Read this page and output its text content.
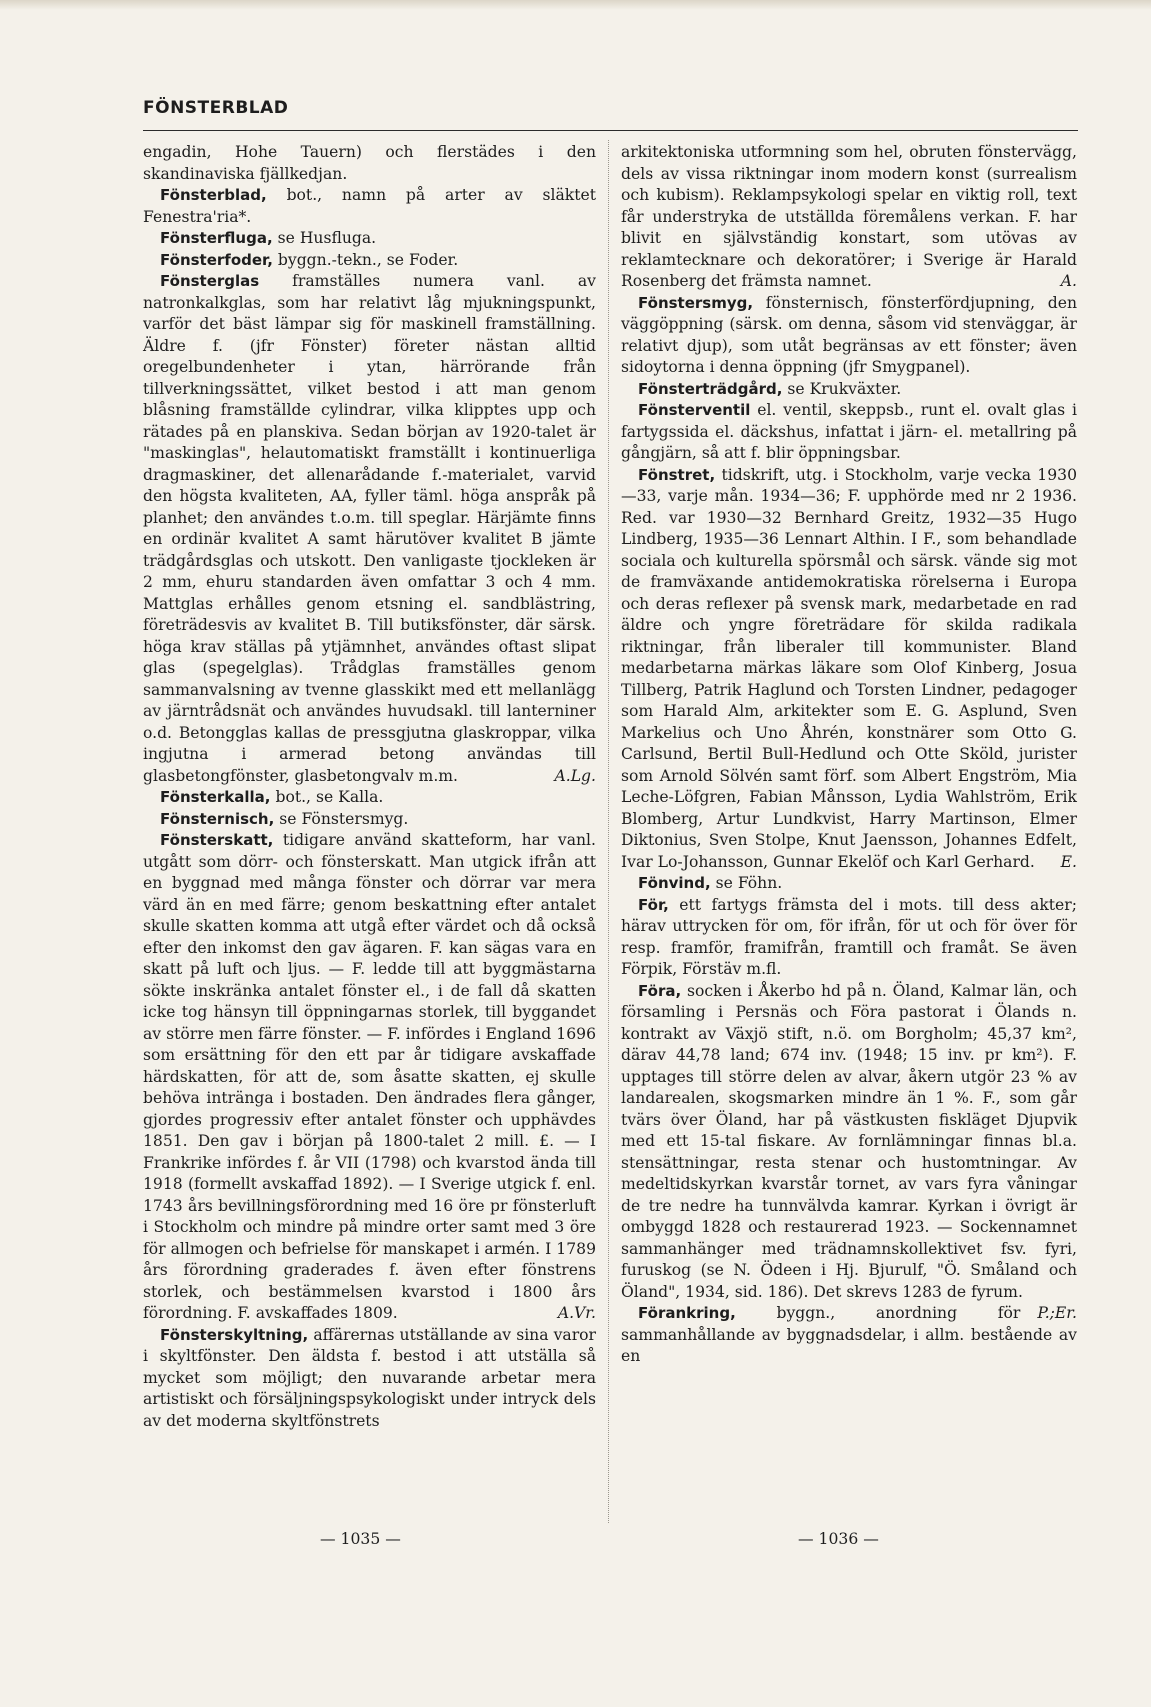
FÖNSTERBLAD

engadin, Hohe Tauern) och flerstädes i den skandinaviska fjällkedjan.

Fönsterblad, bot., namn på arter av släktet Fenestra'ria*.

Fönsterfluga, se Husfluga.

Fönsterfoder, byggn.-tekn., se Foder.

Fönsterglas framställes numera vanl. av natronkalkglas, som har relativt låg mjukningspunkt, varför det bäst lämpar sig för maskinell framställning. Äldre f. (jfr Fönster) företer nästan alltid oregelbundenheter i ytan, härrörande från tillverkningssättet, vilket bestod i att man genom blåsning framställde cylindrar, vilka klipptes upp och rätades på en planskiva. Sedan början av 1920-talet är "maskinglas", helautomatiskt framställt i kontinuerliga dragmaskiner, det allenarådande f.-materialet, varvid den högsta kvaliteten, AA, fyller täml. höga anspråk på planhet; den användes t.o.m. till speglar. Härjämte finns en ordinär kvalitet A samt härutöver kvalitet B jämte trädgårdsglas och utskott. Den vanligaste tjockleken är 2 mm, ehuru standarden även omfattar 3 och 4 mm. Mattglas erhålles genom etsning el. sandblästring, företrädesvis av kvalitet B. Till butiksfönster, där särsk. höga krav ställas på ytjämnhet, användes oftast slipat glas (spegelglas). Trådglas framställes genom sammanvalsning av tvenne glasskikt med ett mellanlägg av järntrådsnät och användes huvudsakl. till lanterniner o.d. Betongglas kallas de pressgjutna glaskroppar, vilka ingjutna i armerad betong användas till glasbetongfönster, glasbetongvalv m.m.	A.Lg.

Fönsterkalla, bot., se Kalla.

Fönsternisch, se Fönstersmyg.

Fönsterskatt, tidigare använd skatteform, har vanl. utgått som dörr- och fönsterskatt. Man utgick ifrån att en byggnad med många fönster och dörrar var mera värd än en med färre; genom beskattning efter antalet skulle skatten komma att utgå efter värdet och då också efter den inkomst den gav ägaren. F. kan sägas vara en skatt på luft och ljus. — F. ledde till att byggmästarna sökte inskränka antalet fönster el., i de fall då skatten icke tog hänsyn till öppningarnas storlek, till byggandet av större men färre fönster. — F. infördes i England 1696 som ersättning för den ett par år tidigare avskaffade härdskatten, för att de, som åsatte skatten, ej skulle behöva inträngа i bostaden. Den ändrades flera gånger, gjordes progressiv efter antalet fönster och upphävdes 1851. Den gav i början på 1800-talet 2 mill. £. — I Frankrike infördes f. år VII (1798) och kvarstod ända till 1918 (formellt avskaffad 1892). — I Sverige utgick f. enl. 1743 års bevillningsförordning med 16 öre pr fönsterluft i Stockholm och mindre på mindre orter samt med 3 öre för allmogen och befrielse för manskapet i armén. I 1789 års förordning graderades f. även efter fönstrens storlek, och bestämmelsen kvarstod i 1800 års förordning. F. avskaffades 1809.	A.Vr.

Fönsterskyltning, affärernas utställande av sina varor i skyltfönster. Den äldsta f. bestod i att utställa så mycket som möjligt; den nuvarande arbetar mera artistiskt och försäljningspsykologiskt under intryck dels av det moderna skyltfönstrets

arkitektoniska utformning som hel, obruten fönstervägg, dels av vissa riktningar inom modern konst (surrealism och kubism). Reklampsykologi spelar en viktig roll, text får understryka de utställda föremålens verkan. F. har blivit en självständig konstart, som utövas av reklamtecknare och dekoratörer; i Sverige är Harald Rosenberg det främsta namnet.	A.

Fönstersmyg, fönsternisch, fönsterfördjupning, den väggöppning (särsk. om denna, såsom vid stenväggar, är relativt djup), som utåt begränsas av ett fönster; även sidoytorna i denna öppning (jfr Smygpanel).

Fönsterträdgård, se Krukväxter.

Fönsterventil el. ventil, skeppsb., runt el. ovalt glas i fartygssida el. däckshus, infattat i järn- el. metallring på gångjärn, så att f. blir öppningsbar.

Fönstret, tidskrift, utg. i Stockholm, varje vecka 1930—33, varje mån. 1934—36; F. upphörde med nr 2 1936. Red. var 1930—32 Bernhard Greitz, 1932—35 Hugo Lindberg, 1935—36 Lennart Althin. I F., som behandlade sociala och kulturella spörsmål och särsk. vände sig mot de framväxande antidemokratiska rörelserna i Europa och deras reflexer på svensk mark, medarbetade en rad äldre och yngre företrädare för skilda radikala riktningar, från liberaler till kommunister. Bland medarbetarna märkas läkare som Olof Kinberg, Josua Tillberg, Patrik Haglund och Torsten Lindner, pedagoger som Harald Alm, arkitekter som E. G. Asplund, Sven Markelius och Uno Åhrén, konstnärer som Otto G. Carlsund, Bertil Bull-Hedlund och Otte Sköld, jurister som Arnold Sölvén samt förf. som Albert Engström, Mia Leche-Löfgren, Fabian Månsson, Lydia Wahlström, Erik Blomberg, Artur Lundkvist, Harry Martinson, Elmer Diktonius, Sven Stolpe, Knut Jaensson, Johannes Edfelt, Ivar Lo-Johansson, Gunnar Ekelöf och Karl Gerhard.	E.

Fönvind, se Föhn.

För, ett fartygs främsta del i mots. till dess akter; härav uttrycken för om, för ifrån, för ut och för över för resp. framför, framifrån, framtill och framåt. Se även Förpik, Förstäv m.fl.

Föra, socken i Åkerbo hd på n. Öland, Kalmar län, och församling i Persnäs och Föra pastorat i Ölands n. kontrakt av Växjö stift, n.ö. om Borgholm; 45,37 km², därav 44,78 land; 674 inv. (1948; 15 inv. pr km²). F. upptages till större delen av alvar, åkern utgör 23 % av landarealen, skogsmarken mindre än 1 %. F., som går tvärs över Öland, har på västkusten fiskläget Djupvik med ett 15-tal fiskare. Av fornlämningar finnas bl.a. stensättningar, resta stenar och hustomtningar. Av medeltidskyrkan kvarstår tornet, av vars fyra våningar de tre nedre ha tunnvälvda kamrar. Kyrkan i övrigt är ombyggd 1828 och restaurerad 1923. — Sockennamnet sammanhänger med trädnamnskollektivet fsv. fyri, furuskog (se N. Ödeen i Hj. Bjurulf, "Ö. Småland och Öland", 1934, sid. 186). Det skrevs 1283 de fyrum.
P.;Er.

Förankring,	byggn., anordning för sammanhållande av byggnadsdelar, i allm. bestående av en

— 1035 —	— 1036 —
